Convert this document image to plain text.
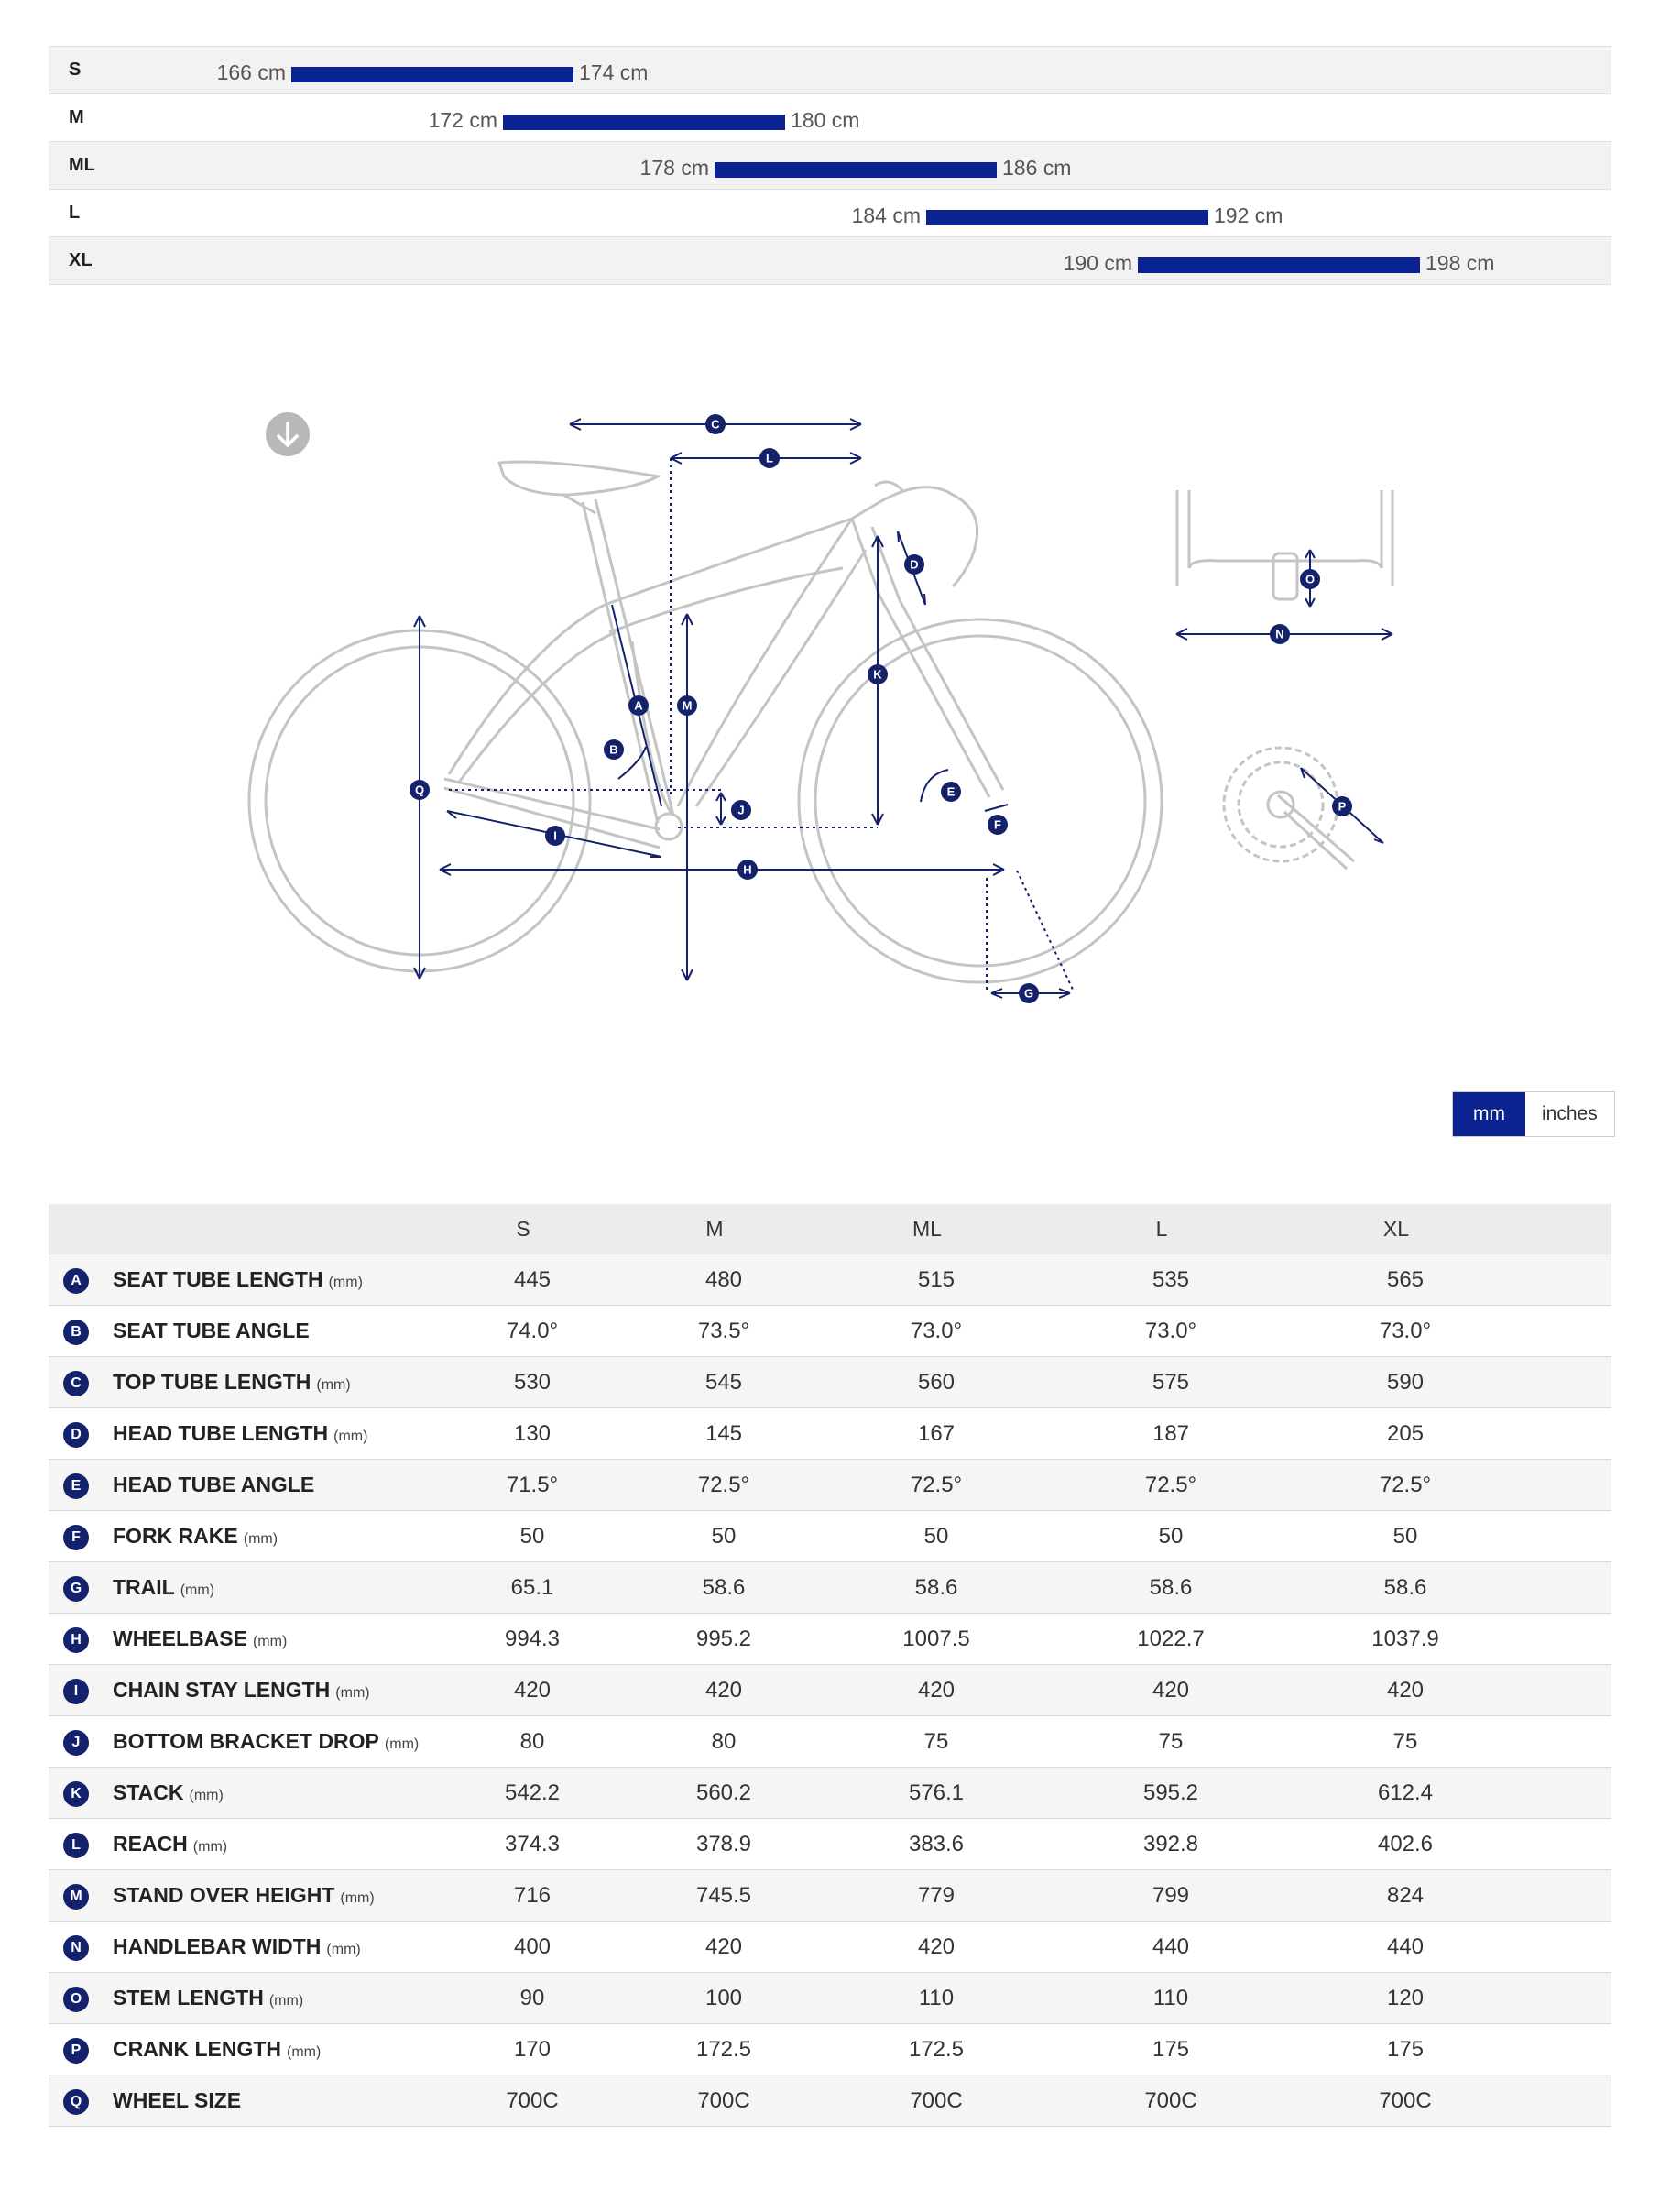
S	166 cm	174 cm
M	172 cm	180 cm
ML	178 cm	186 cm
L	184 cm	192 cm
XL	190 cm	198 cm
A
B
C
D
E
F
G
H
I
J
K
L
M
N
O
P
Q
mm	inches
S	M	ML	L	XL
A	SEAT TUBE LENGTH (mm)	445	480	515	535	565
B	SEAT TUBE ANGLE	74.0°	73.5°	73.0°	73.0°	73.0°
C	TOP TUBE LENGTH (mm)	530	545	560	575	590
D	HEAD TUBE LENGTH (mm)	130	145	167	187	205
E	HEAD TUBE ANGLE	71.5°	72.5°	72.5°	72.5°	72.5°
F	FORK RAKE (mm)	50	50	50	50	50
G	TRAIL (mm)	65.1	58.6	58.6	58.6	58.6
H	WHEELBASE (mm)	994.3	995.2	1007.5	1022.7	1037.9
I	CHAIN STAY LENGTH (mm)	420	420	420	420	420
J	BOTTOM BRACKET DROP (mm)	80	80	75	75	75
K	STACK (mm)	542.2	560.2	576.1	595.2	612.4
L	REACH (mm)	374.3	378.9	383.6	392.8	402.6
M	STAND OVER HEIGHT (mm)	716	745.5	779	799	824
N	HANDLEBAR WIDTH (mm)	400	420	420	440	440
O	STEM LENGTH (mm)	90	100	110	110	120
P	CRANK LENGTH (mm)	170	172.5	172.5	175	175
Q	WHEEL SIZE	700C	700C	700C	700C	700C
